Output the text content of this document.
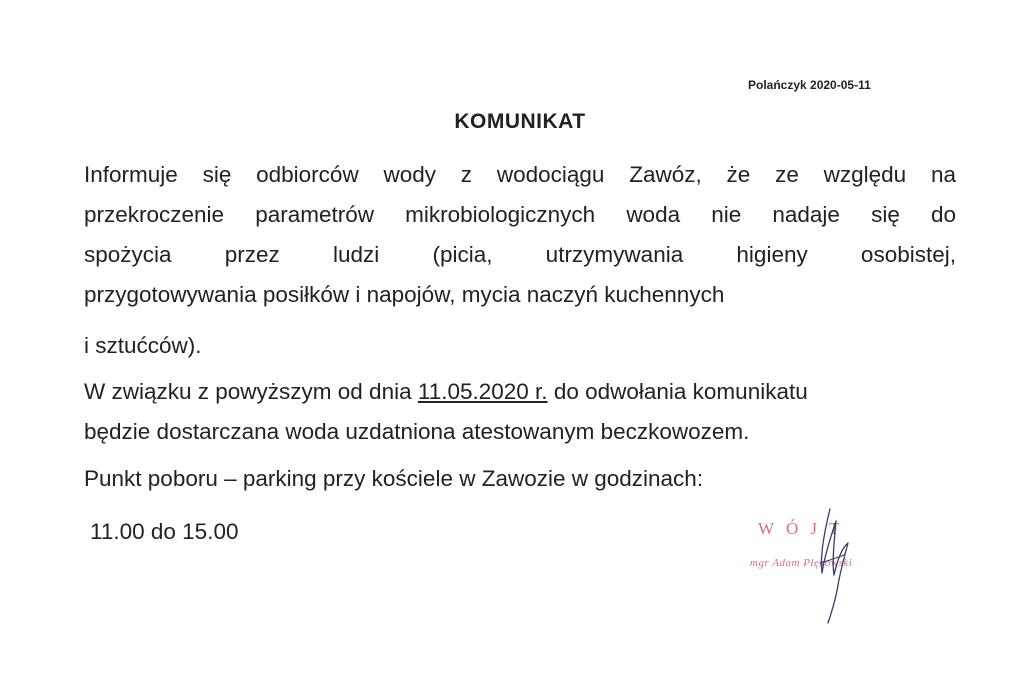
Polańczyk 2020-05-11
KOMUNIKAT
Informuje się odbiorców wody z wodociągu Zawóz, że ze względu na
przekroczenie parametrów mikrobiologicznych woda nie nadaje się do
spożycia przez ludzi (picia, utrzymywania higieny osobistej,
przygotowywania posiłków i napojów, mycia naczyń kuchennych
i sztućców).
W związku z powyższym od dnia 11.05.2020 r. do odwołania komunikatu
będzie dostarczana woda uzdatniona atestowanym beczkowozem.
Punkt poboru – parking przy kościele w Zawozie w godzinach:
11.00 do 15.00	WÓJT
mgr Adam Płękowski
